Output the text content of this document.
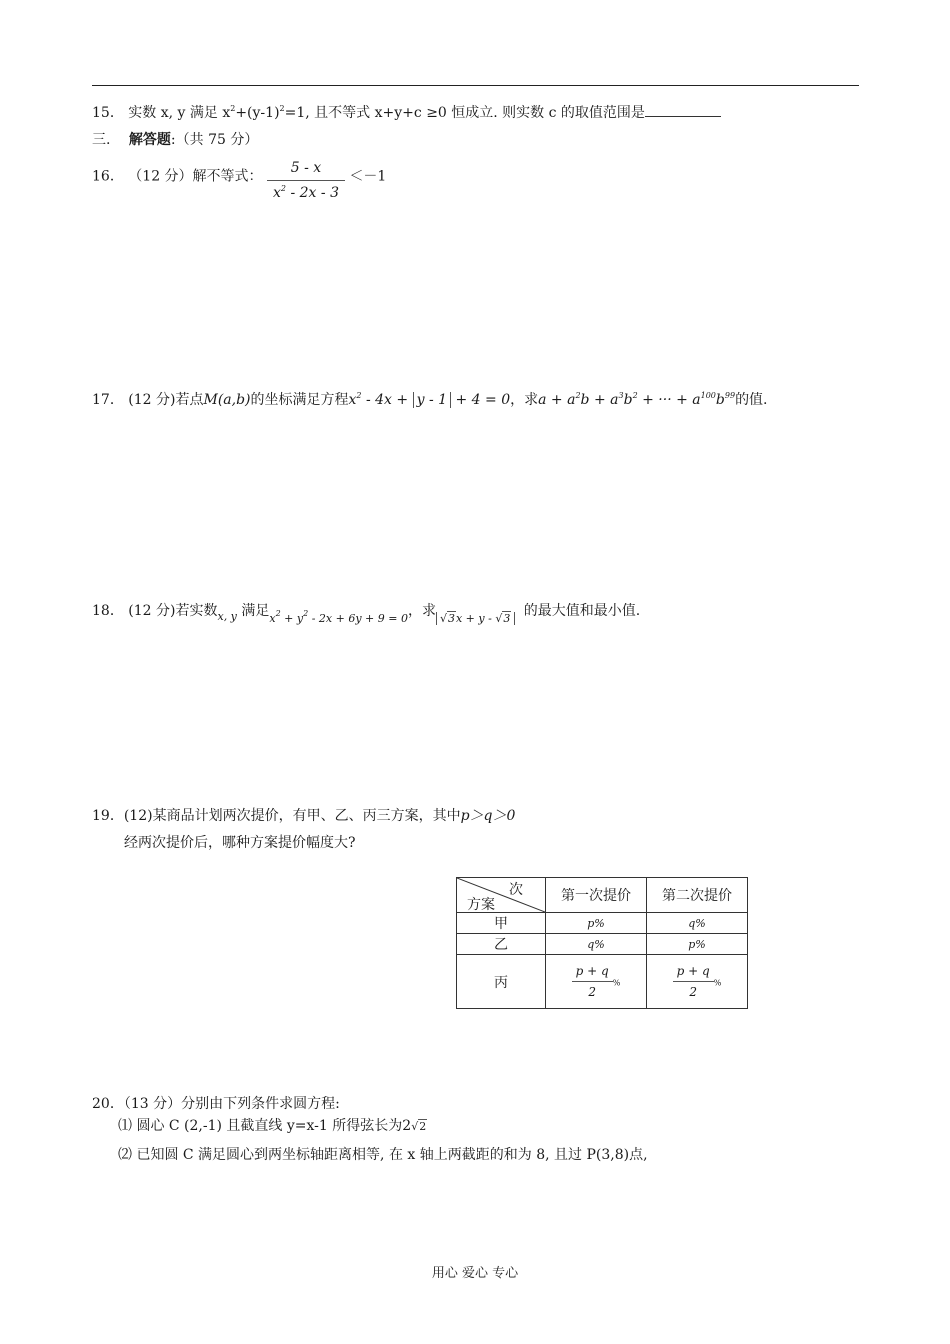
15． 实数 x, y 满足 $x^2+(y-1)^2=1$, 且不等式 x+y+c ≥0 恒成立. 则实数 c 的取值范围是
三. 解答题:（共 75 分）
16． （12 分）解不等式： $\frac{5 - x}{x^2 - 2x - 3} <-1$
17． (12 分)若点M(a,b)的坐标满足方程$x^2 - 4x + y - 1 + 4 = 0$，求$a + a^2b + a^3b^2$ + ··· + $a^{100}b^{99}$的值.
18． (12 分)若实数$_{x, y}$ 满足$_{x^2 + y^2 - 2x + 6y + 9 = 0}$，求 $_{√3x + y - √3}$ 的最大值和最小值.
19．(12)某商品计划两次提价，有甲、乙、丙三方案，其中p＞q＞0
经两次提价后，哪种方案提价幅度大?
次
方案	第一次提价	第二次提价
甲	p%	q%
乙	q%	p%
丙	$\frac{p + q}{2}$ %	$\frac{p + q}{2}$ %
20．（13 分）分别由下列条件求圆方程:
⑴ 圆心 C (2,-1) 且截直线 y=x-1 所得弦长为2√2
⑵ 已知圆 C 满足圆心到两坐标轴距离相等, 在 x 轴上两截距的和为 8, 且过 P(3,8)点,
用心 爱心 专心
